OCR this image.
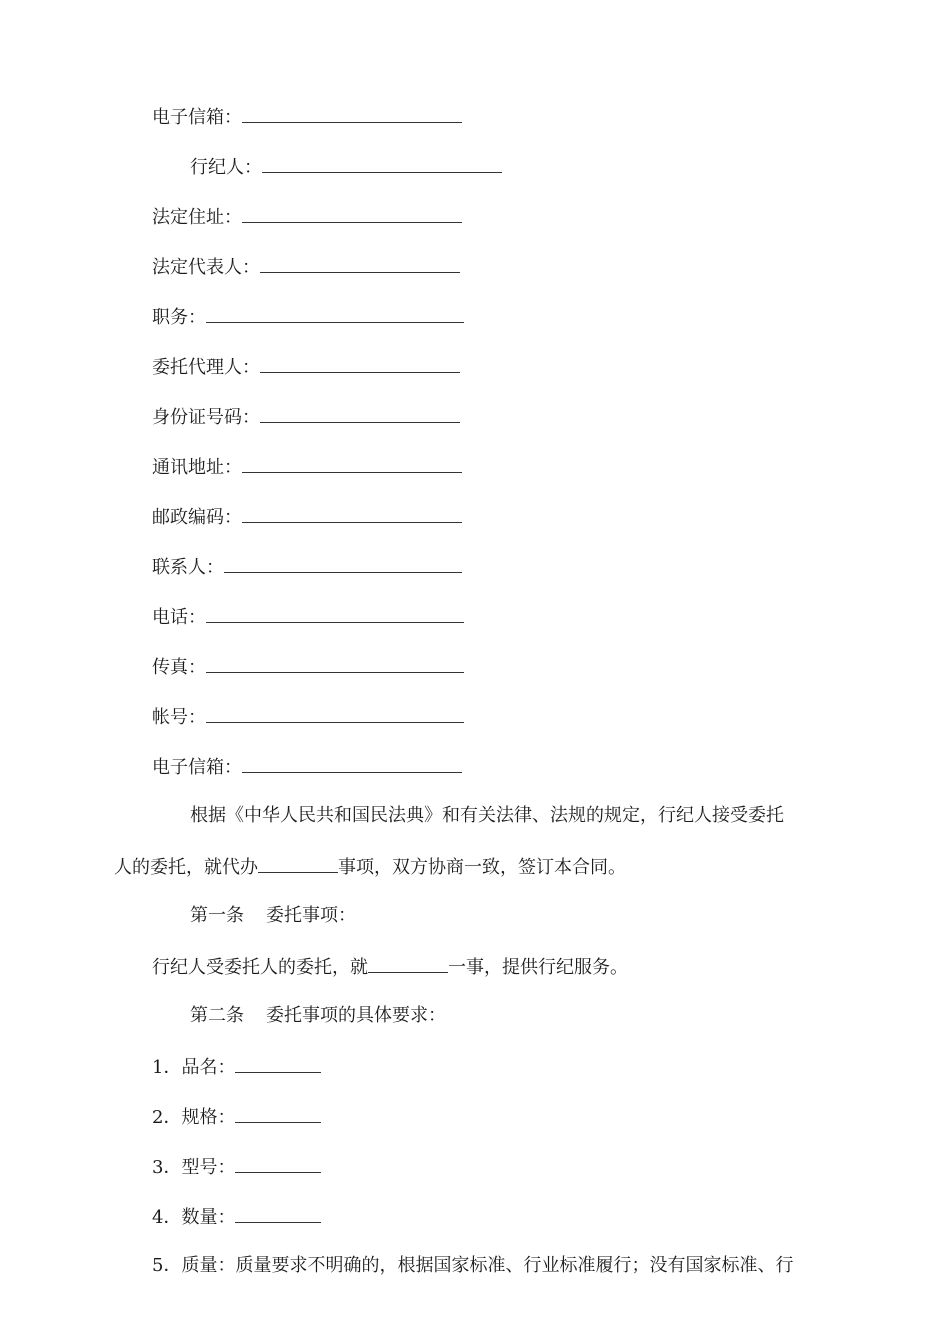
电子信箱：
行纪人：
法定住址：
法定代表人：
职务：
委托代理人：
身份证号码：
通讯地址：
邮政编码：
联系人：
电话：
传真：
帐号：
电子信箱：
根据《中华人民共和国民法典》和有关法律、法规的规定，行纪人接受委托
人的委托，就代办	事项，双方协商一致，签订本合同。
第一条 委托事项：
行纪人受委托人的委托，就	一事，提供行纪服务。
第二条 委托事项的具体要求：
1．品名：
2．规格：
3．型号：
4．数量：
5．质量：质量要求不明确的，根据国家标准、行业标准履行；没有国家标准、行
